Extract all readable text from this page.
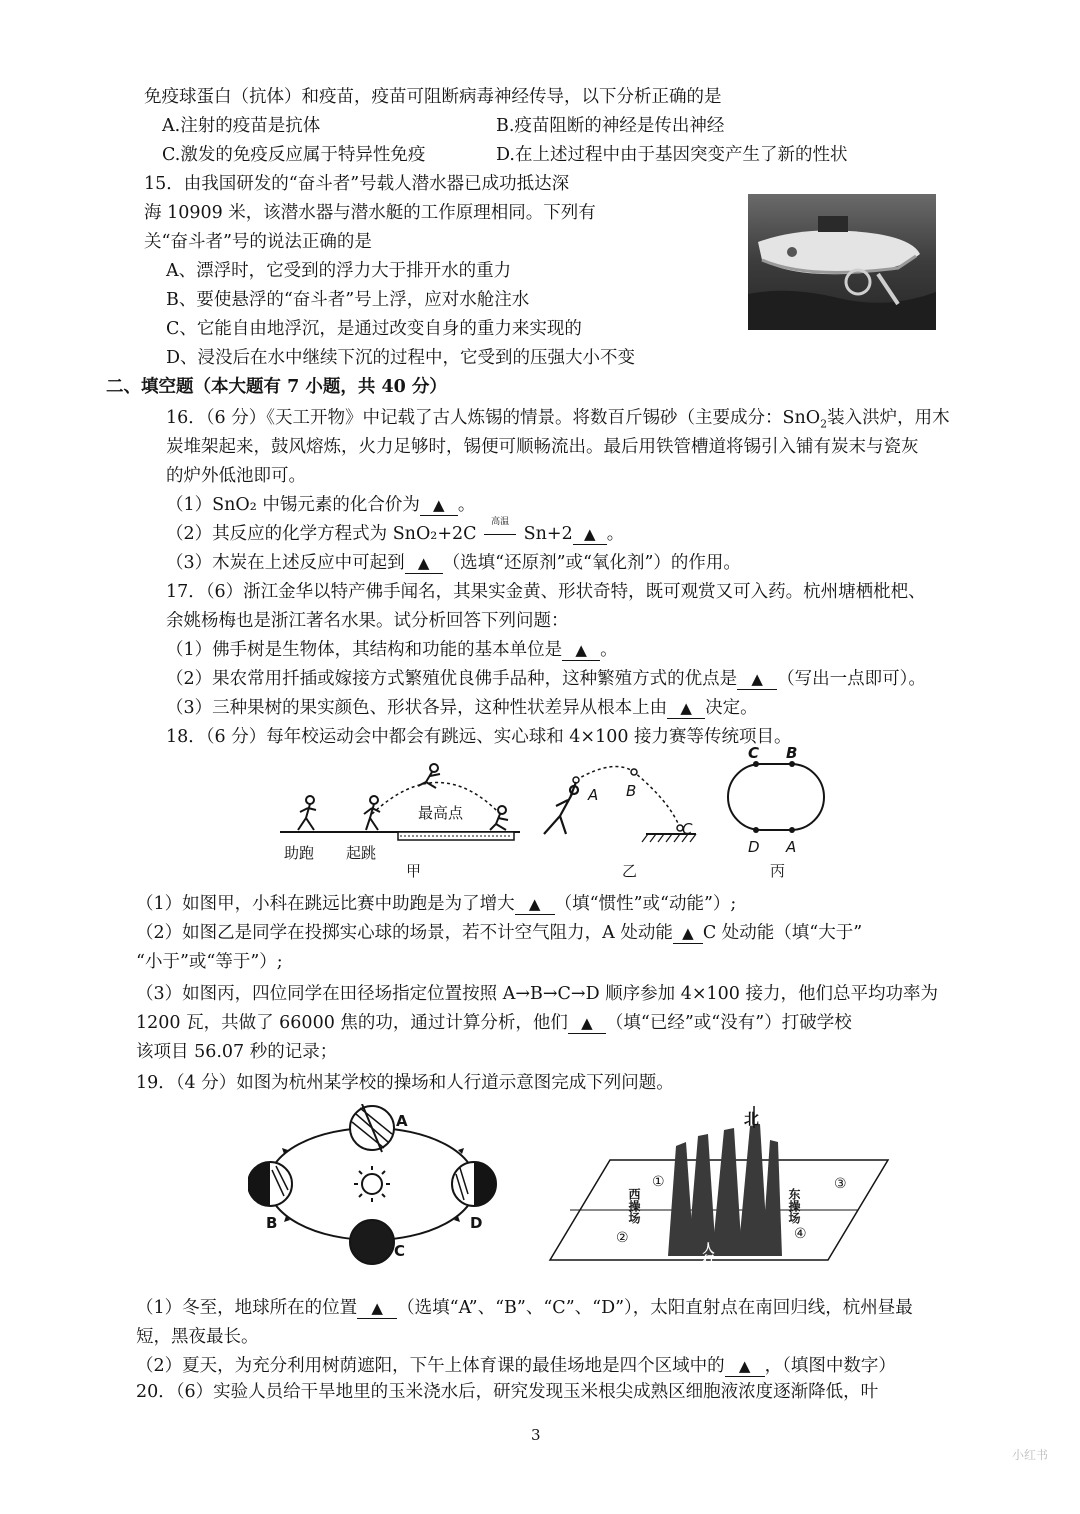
免疫球蛋白（抗体）和疫苗，疫苗可阻断病毒神经传导，以下分析正确的是
A.注射的疫苗是抗体	B.疫苗阻断的神经是传出神经
C.激发的免疫反应属于特异性免疫	D.在上述过程中由于基因突变产生了新的性状
15．由我国研发的“奋斗者”号载人潜水器已成功抵达深
海 10909 米，该潜水器与潜水艇的工作原理相同。下列有
关“奋斗者”号的说法正确的是
A、漂浮时，它受到的浮力大于排开水的重力
B、要使悬浮的“奋斗者”号上浮，应对水舱注水
C、它能自由地浮沉，是通过改变自身的重力来实现的
D、浸没后在水中继续下沉的过程中，它受到的压强大小不变
二、填空题（本大题有 7 小题，共 40 分）
16．（6 分）《天工开物》中记载了古人炼锡的情景。将数百斤锡砂（主要成分：SnO$_2$装入洪炉，用木
炭堆架起来，鼓风熔炼，火力足够时，锡便可顺畅流出。最后用铁管槽道将锡引入铺有炭末与瓷灰
的炉外低池即可。
（1）SnO₂ 中锡元素的化合价为 ▲ 。
（2）其反应的化学方程式为 SnO₂+2C
高温
Sn+2 ▲ 。
（3）木炭在上述反应中可起到 ▲ （选填“还原剂”或“氧化剂”）的作用。
17．（6）浙江金华以特产佛手闻名，其果实金黄、形状奇特，既可观赏又可入药。杭州塘栖枇杷、
余姚杨梅也是浙江著名水果。试分析回答下列问题：
（1）佛手树是生物体，其结构和功能的基本单位是 ▲ 。
（2）果农常用扦插或嫁接方式繁殖优良佛手品种，这种繁殖方式的优点是 ▲ （写出一点即可）。
（3）三种果树的果实颜色、形状各异，这种性状差异从根本上由 ▲ 决定。
18．（6 分）每年校运动会中都会有跳远、实心球和 4×100 接力赛等传统项目。
助跑 起跳
最高点
甲
A B
C
乙
C B
D A
丙
（1）如图甲，小科在跳远比赛中助跑是为了增大 ▲ （填“惯性”或“动能”）;
（2）如图乙是同学在投掷实心球的场景，若不计空气阻力，A 处动能 ▲ C 处动能（填“大于”
“小于”或“等于”）;
（3）如图丙，四位同学在田径场指定位置按照 A→B→C→D 顺序参加 4×100 接力，他们总平均功率为
1200 瓦，共做了 66000 焦的功，通过计算分析，他们 ▲ （填“已经”或“没有”）打破学校
该项目 56.07 秒的记录；
19．（4 分）如图为杭州某学校的操场和人行道示意图完成下列问题。
A
B
C
D
北
西操场	东操场
人行道
①
②
③
④
（1）冬至，地球所在的位置 ▲ （选填“A”、“B”、“C”、“D”），太阳直射点在南回归线，杭州昼最
短，黑夜最长。
（2）夏天，为充分利用树荫遮阳，下午上体育课的最佳场地是四个区域中的 ▲ ，（填图中数字）
20．（6）实验人员给干旱地里的玉米浇水后，研究发现玉米根尖成熟区细胞液浓度逐渐降低，叶
3
小红书
